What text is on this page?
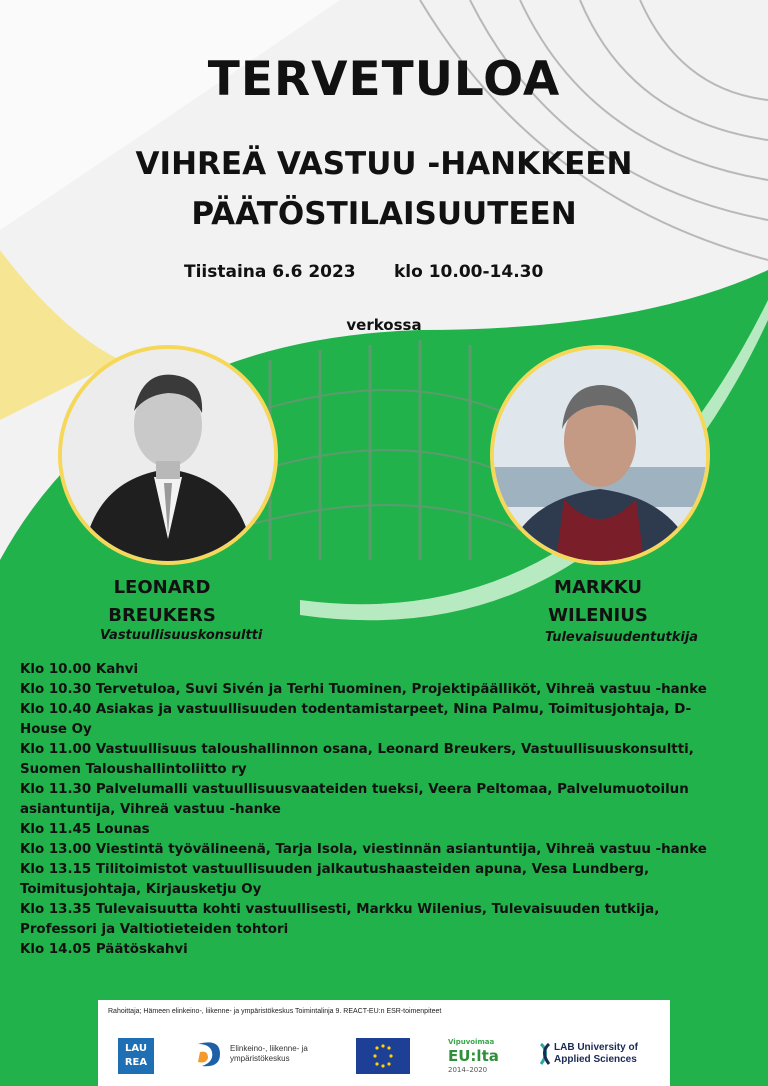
TERVETULOA
VIHREÄ VASTUU -HANKKEEN
PÄÄTÖSTILAISUUTEEN
Tiistaina 6.6 2023 klo 10.00-14.30
verkossa
LEONARD
BREUKERS
Vastuullisuuskonsultti
MARKKU
WILENIUS
Tulevaisuudentutkija
Klo 10.00 Kahvi
Klo 10.30 Tervetuloa, Suvi Sivén ja Terhi Tuominen, Projektipäälliköt, Vihreä vastuu -hanke
Klo 10.40 Asiakas ja vastuullisuuden todentamistarpeet, Nina Palmu, Toimitusjohtaja, D-House Oy
Klo 11.00 Vastuullisuus taloushallinnon osana, Leonard Breukers, Vastuullisuuskonsultti, Suomen Taloushallintoliitto ry
Klo 11.30 Palvelumalli vastuullisuusvaateiden tueksi, Veera Peltomaa, Palvelumuotoilun asiantuntija, Vihreä vastuu -hanke
Klo 11.45 Lounas
Klo 13.00 Viestintä työvälineenä, Tarja Isola, viestinnän asiantuntija, Vihreä vastuu -hanke
Klo 13.15 Tilitoimistot vastuullisuuden jalkautushaasteiden apuna, Vesa Lundberg, Toimitusjohtaja, Kirjausketju Oy
Klo 13.35 Tulevaisuutta kohti vastuullisesti, Markku Wilenius, Tulevaisuuden tutkija, Professori ja Valtiotieteiden tohtori
Klo 14.05 Päätöskahvi
Rahoittaja; Hämeen elinkeino-, liikenne- ja ympäristökeskus Toimintalinja 9. REACT-EU:n ESR-toimenpiteet
LAU
REA
Elinkeino-, liikenne- ja
ympäristökeskus
Vipuvoimaa
EU:lta
2014–2020
LAB University of
Applied Sciences
